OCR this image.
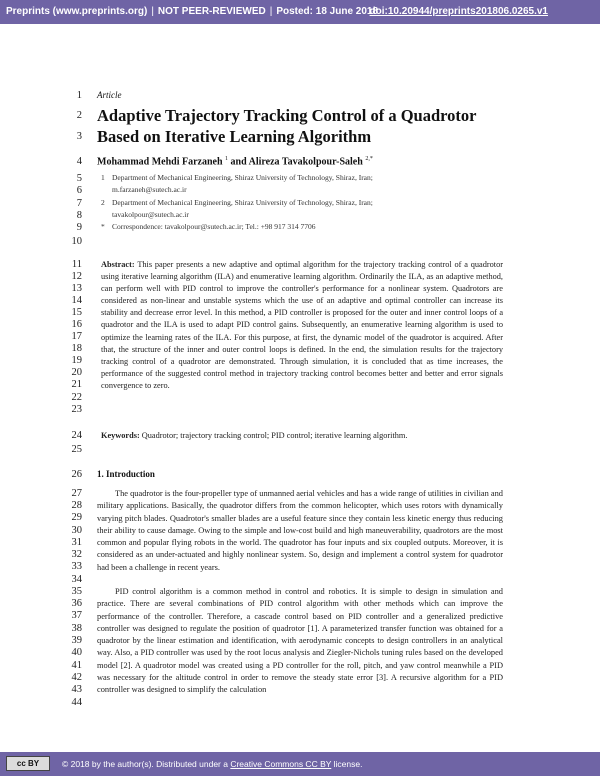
Preprints (www.preprints.org) | NOT PEER-REVIEWED | Posted: 18 June 2018
doi:10.20944/preprints201806.0265.v1
1
2
3
4
5
6
7
8
9
10
11
12
13
14
15
16
17
18
19
20
21
22
23
24
25
26
27
28
29
30
31
32
33
34
35
36
37
38
39
40
41
42
43
44
Article
Adaptive Trajectory Tracking Control of a Quadrotor
Based on Iterative Learning Algorithm
Mohammad Mehdi Farzaneh $^1$ and Alireza Tavakolpour-Saleh $^{2,*}$
1 Department of Mechanical Engineering, Shiraz University of Technology, Shiraz, Iran;
m.farzaneh@sutech.ac.ir
2 Department of Mechanical Engineering, Shiraz University of Technology, Shiraz, Iran;
tavakolpour@sutech.ac.ir
* Correspondence: tavakolpour@sutech.ac.ir; Tel.: +98 917 314 7706
Abstract: This paper presents a new adaptive and optimal algorithm for the trajectory tracking control of a quadrotor using iterative learning algorithm (ILA) and enumerative learning algorithm. Ordinarily the ILA, as an adaptive method, can perform well with PID control to improve the controller's performance for a nonlinear system. Quadrotors are considered as non-linear and unstable systems which the use of an adaptive and optimal controller can increase its stability and decrease error level. In this method, a PID controller is proposed for the outer and inner control loops of a quadrotor and the ILA is used to adapt PID control gains. Subsequently, an enumerative learning algorithm is used to optimize the learning rates of the ILA. For this purpose, at first, the dynamic model of the quadrotor is acquired. After that, the structure of the inner and outer control loops is defined. In the end, the simulation results for the trajectory tracking control of a quadrotor are demonstrated. Through simulation, it is concluded that as time increases, the performance of the suggested control method in trajectory tracking control becomes better and better and error signals convergence to zero.
Keywords: Quadrotor; trajectory tracking control; PID control; iterative learning algorithm.
1. Introduction
The quadrotor is the four-propeller type of unmanned aerial vehicles and has a wide range of utilities in civilian and military applications. Basically, the quadrotor differs from the common helicopter, which uses rotors with dynamically varying pitch blades. Quadrotor's smaller blades are a useful feature since they contain less kinetic energy thus reducing their ability to cause damage. Owing to the simple and low-cost build and high maneuverability, quadrotors are the most common and popular flying robots in the world. The quadrotor has four inputs and six coupled outputs. Moreover, it is considered as an under-actuated and highly nonlinear system. So, design and implement a control system for quadrotor had been a challenge in recent years.
PID control algorithm is a common method in control and robotics. It is simple to design in simulation and practice. There are several combinations of PID control algorithm with other methods which can improve the performance of the controller. Therefore, a cascade control based on PID controller and a generalized predictive controller was designed to regulate the position of quadrotor [1]. A parameterized transfer function was obtained for a quadrotor by the linear estimation and identification, with aerodynamic concepts to design controllers in an analytical way. Also, a PID controller was used by the root locus analysis and Ziegler-Nichols tuning rules based on the developed model [2]. A quadrotor model was created using a PD controller for the roll, pitch, and yaw control meanwhile a PID was necessary for the altitude control in order to remove the steady state error [3]. A recursive algorithm for a PID controller was designed to simplify the calculation
cc BY	© 2018 by the author(s). Distributed under a Creative Commons CC BY license.
